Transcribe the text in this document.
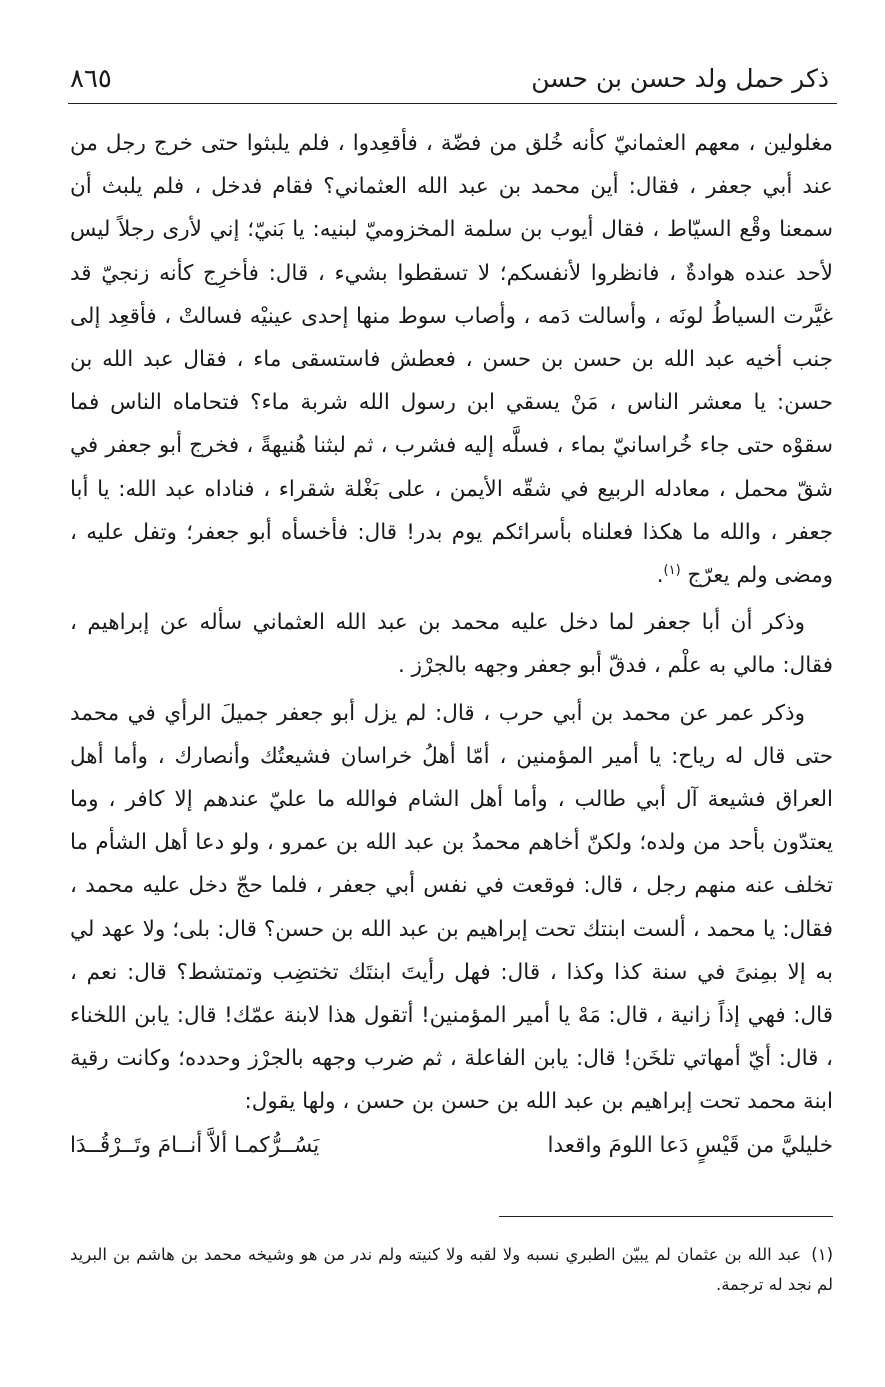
ذكر حمل ولد حسن بن حسن
٨٦٥

مغلولين ، معهم العثمانيّ كأنه خُلق من فضّة ، فأقعِدوا ، فلم يلبثوا حتى خرج رجل من عند أبي جعفر ، فقال: أين محمد بن عبد الله العثماني؟ فقام فدخل ، فلم يلبث أن سمعنا وقْع السيّاط ، فقال أيوب بن سلمة المخزوميّ لبنيه: يا بَنيّ؛ إني لأرى رجلاً ليس لأحد عنده هوادةٌ ، فانظروا لأنفسكم؛ لا تسقطوا بشيء ، قال: فأخرِج كأنه زنجيّ قد غيَّرت السياطُ لونَه ، وأسالت دَمه ، وأصاب سوط منها إحدى عينيْه فسالتْ ، فأقعِد إلى جنب أخيه عبد الله بن حسن بن حسن ، فعطش فاستسقى ماء ، فقال عبد الله بن حسن: يا معشر الناس ، مَنْ يسقي ابن رسول الله شربة ماء؟ فتحاماه الناس فما سقوْه حتى جاء خُراسانيّ بماء ، فسلَّه إليه فشرب ، ثم لبثنا هُنيهةً ، فخرج أبو جعفر في شقّ محمل ، معادله الربيع في شقّه الأيمن ، على بَغْلة شقراء ، فناداه عبد الله: يا أبا جعفر ، والله ما هكذا فعلناه بأسرائكم يوم بدر! قال: فأخسأه أبو جعفر؛ وتفل عليه ، ومضى ولم يعرّج $^{(١)}$.

وذكر أن أبا جعفر لما دخل عليه محمد بن عبد الله العثماني سأله عن إبراهيم ، فقال: مالي به علْم ، فدقّ أبو جعفر وجهه بالجرْز .

وذكر عمر عن محمد بن أبي حرب ، قال: لم يزل أبو جعفر جميلَ الرأي في محمد حتى قال له رياح: يا أمير المؤمنين ، أمّا أهلُ خراسان فشيعتُك وأنصارك ، وأما أهل العراق فشيعة آل أبي طالب ، وأما أهل الشام فوالله ما عليّ عندهم إلا كافر ، وما يعتدّون بأحد من ولده؛ ولكنّ أخاهم محمدُ بن عبد الله بن عمرو ، ولو دعا أهل الشأم ما تخلف عنه منهم رجل ، قال: فوقعت في نفس أبي جعفر ، فلما حجّ دخل عليه محمد ، فقال: يا محمد ، ألست ابنتك تحت إبراهيم بن عبد الله بن حسن؟ قال: بلى؛ ولا عهد لي به إلا بمِنىً في سنة كذا وكذا ، قال: فهل رأيتَ ابنتَك تختضِب وتمتشط؟ قال: نعم ، قال: فهي إذاً زانية ، قال: مَهْ يا أمير المؤمنين! أتقول هذا لابنة عمّك! قال: يابن اللخناء ، قال: أيّ أمهاتي تلخَن! قال: يابن الفاعلة ، ثم ضرب وجهه بالجرْز وحدده؛ وكانت رقية ابنة محمد تحت إبراهيم بن عبد الله بن حسن بن حسن ، ولها يقول:

خليليَّ من قَيْسٍ دَعا اللومَ واقعدا
يَسُــرُّكمـا ألاَّ أنــامَ وتَــرْقُــدَا

(١)عبد الله بن عثمان لم يبيّن الطبري نسبه ولا لقبه ولا كنيته ولم ندر من هو وشيخه محمد بن هاشم بن البريد لم نجد له ترجمة.
